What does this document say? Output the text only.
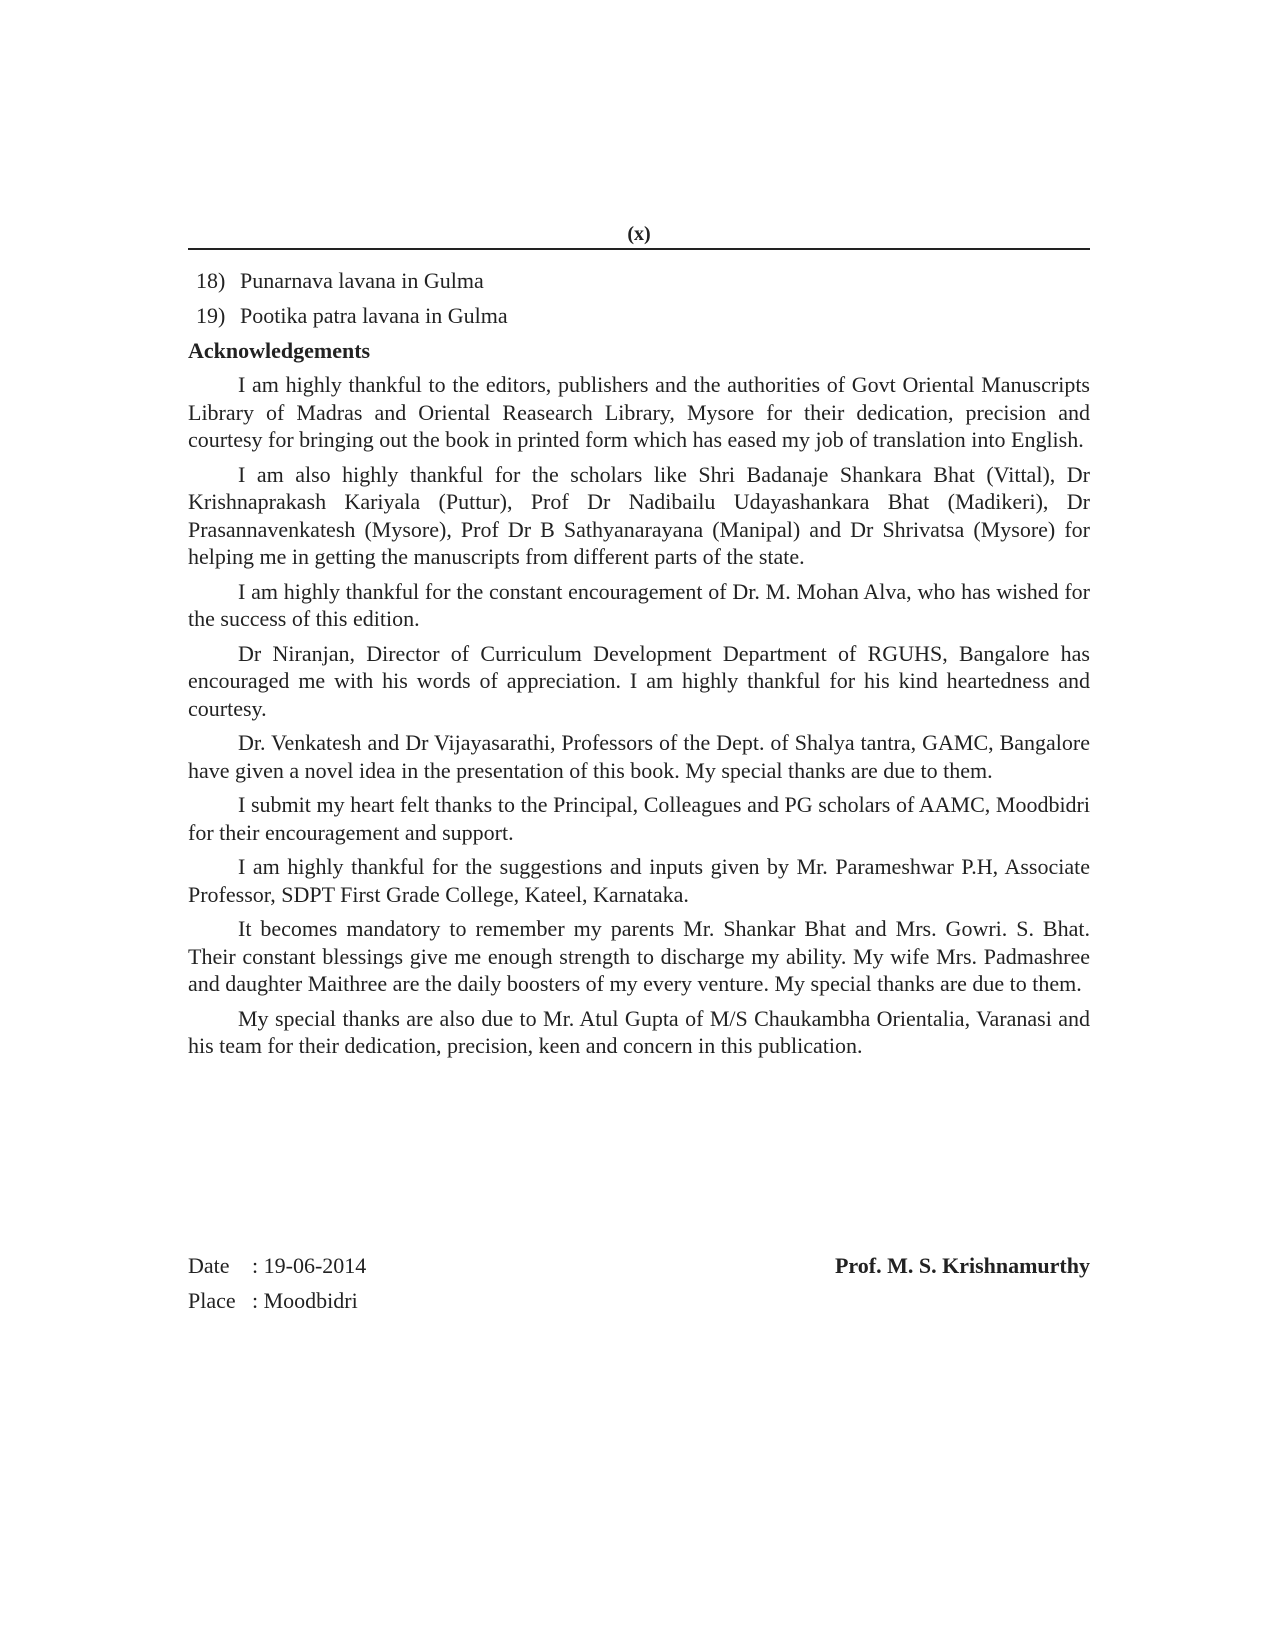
(x)
18) Punarnava lavana in Gulma
19) Pootika patra lavana in Gulma
Acknowledgements

I am highly thankful to the editors, publishers and the authorities of Govt Oriental Manuscripts Library of Madras and Oriental Reasearch Library, Mysore for their dedication, precision and courtesy for bringing out the book in printed form which has eased my job of translation into English.

I am also highly thankful for the scholars like Shri Badanaje Shankara Bhat (Vittal), Dr Krishnaprakash Kariyala (Puttur), Prof Dr Nadibailu Udayashankara Bhat (Madikeri), Dr Prasannavenkatesh (Mysore), Prof Dr B Sathyanarayana (Manipal) and Dr Shrivatsa (Mysore) for helping me in getting the manuscripts from different parts of the state.

I am highly thankful for the constant encouragement of Dr. M. Mohan Alva, who has wished for the success of this edition.

Dr Niranjan, Director of Curriculum Development Department of RGUHS, Bangalore has encouraged me with his words of appreciation. I am highly thankful for his kind heartedness and courtesy.

Dr. Venkatesh and Dr Vijayasarathi, Professors of the Dept. of Shalya tantra, GAMC, Bangalore have given a novel idea in the presentation of this book. My special thanks are due to them.

I submit my heart felt thanks to the Principal, Colleagues and PG scholars of AAMC, Moodbidri for their encouragement and support.

I am highly thankful for the suggestions and inputs given by Mr. Parameshwar P.H, Associate Professor, SDPT First Grade College, Kateel, Karnataka.

It becomes mandatory to remember my parents Mr. Shankar Bhat and Mrs. Gowri. S. Bhat. Their constant blessings give me enough strength to discharge my ability. My wife Mrs. Padmashree and daughter Maithree are the daily boosters of my every venture. My special thanks are due to them.

My special thanks are also due to Mr. Atul Gupta of M/S Chaukambha Orientalia, Varanasi and his team for their dedication, precision, keen and concern in this publication.

Date : 19-06-2014	Prof. M. S. Krishnamurthy
Place : Moodbidri
